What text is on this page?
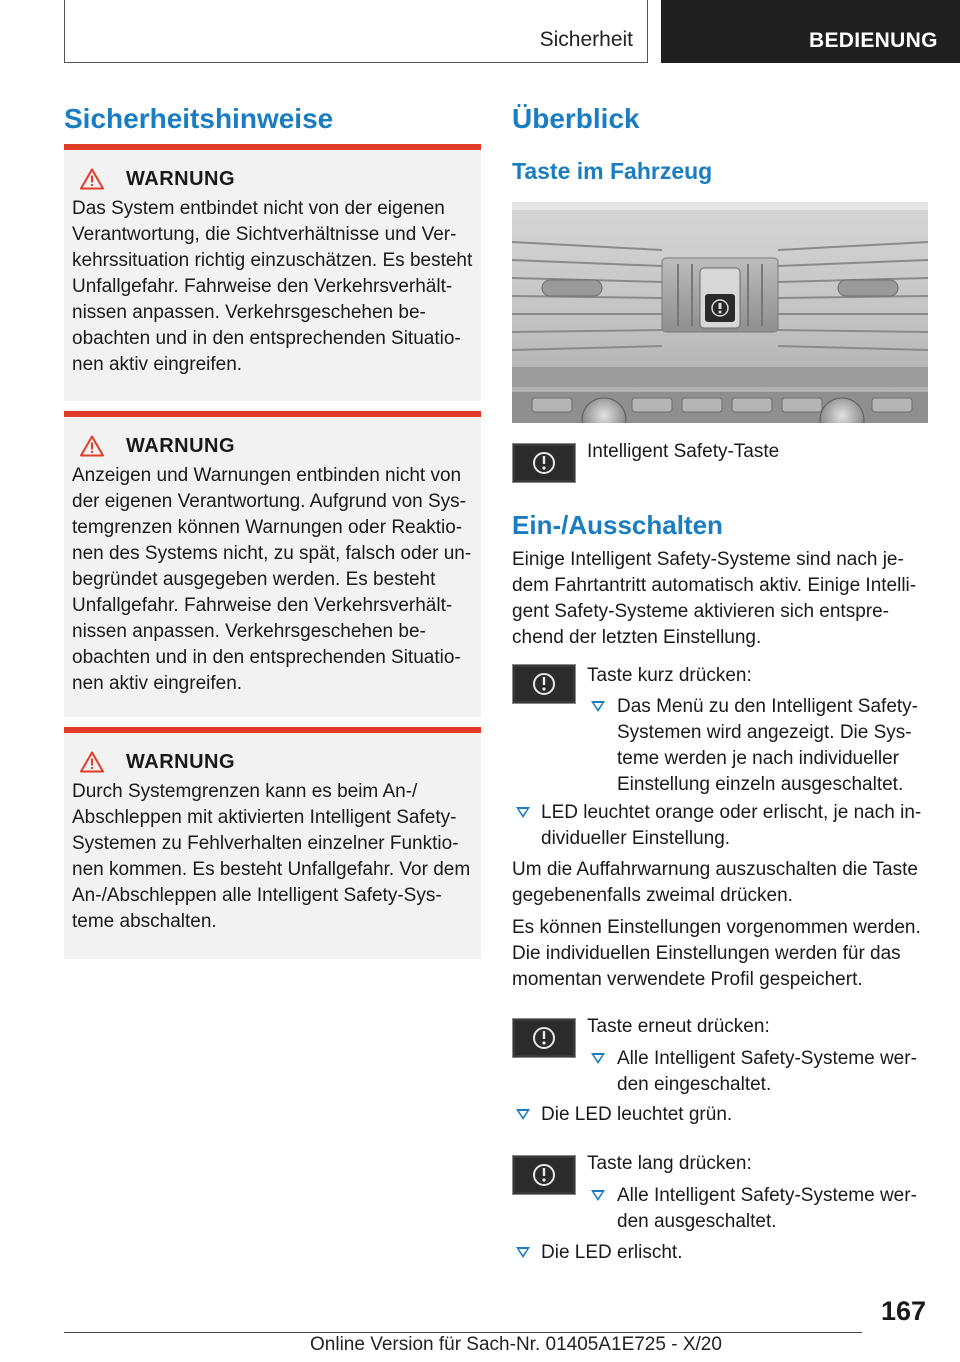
Sicherheit	BEDIENUNG
Sicherheitshinweise
WARNUNG
Das System entbindet nicht von der eigenen Verantwortung, die Sichtverhältnisse und Ver- kehrssituation richtig einzuschätzen. Es besteht Unfallgefahr. Fahrweise den Verkehrsverhält- nissen anpassen. Verkehrsgeschehen be- obachten und in den entsprechenden Situatio- nen aktiv eingreifen.
WARNUNG
Anzeigen und Warnungen entbinden nicht von der eigenen Verantwortung. Aufgrund von Sys- temgrenzen können Warnungen oder Reaktio- nen des Systems nicht, zu spät, falsch oder un- begründet ausgegeben werden. Es besteht Unfallgefahr. Fahrweise den Verkehrsverhält- nissen anpassen. Verkehrsgeschehen be- obachten und in den entsprechenden Situatio- nen aktiv eingreifen.
WARNUNG
Durch Systemgrenzen kann es beim An-/ Abschleppen mit aktivierten Intelligent Safety- Systemen zu Fehlverhalten einzelner Funktio- nen kommen. Es besteht Unfallgefahr. Vor dem An-/Abschleppen alle Intelligent Safety-Sys- teme abschalten.
Überblick
Taste im Fahrzeug
Intelligent Safety-Taste
Ein-/Ausschalten
Einige Intelligent Safety-Systeme sind nach je- dem Fahrtantritt automatisch aktiv. Einige Intelli- gent Safety-Systeme aktivieren sich entspre- chend der letzten Einstellung.
Taste kurz drücken:
Das Menü zu den Intelligent Safety- Systemen wird angezeigt. Die Sys- teme werden je nach individueller Einstellung einzeln ausgeschaltet.
LED leuchtet orange oder erlischt, je nach in- dividueller Einstellung.
Um die Auffahrwarnung auszuschalten die Taste gegebenenfalls zweimal drücken.
Es können Einstellungen vorgenommen werden. Die individuellen Einstellungen werden für das momentan verwendete Profil gespeichert.
Taste erneut drücken:
Alle Intelligent Safety-Systeme wer- den eingeschaltet.
Die LED leuchtet grün.
Taste lang drücken:
Alle Intelligent Safety-Systeme wer- den ausgeschaltet.
Die LED erlischt.
167
Online Version für Sach-Nr. 01405A1E725 - X/20
